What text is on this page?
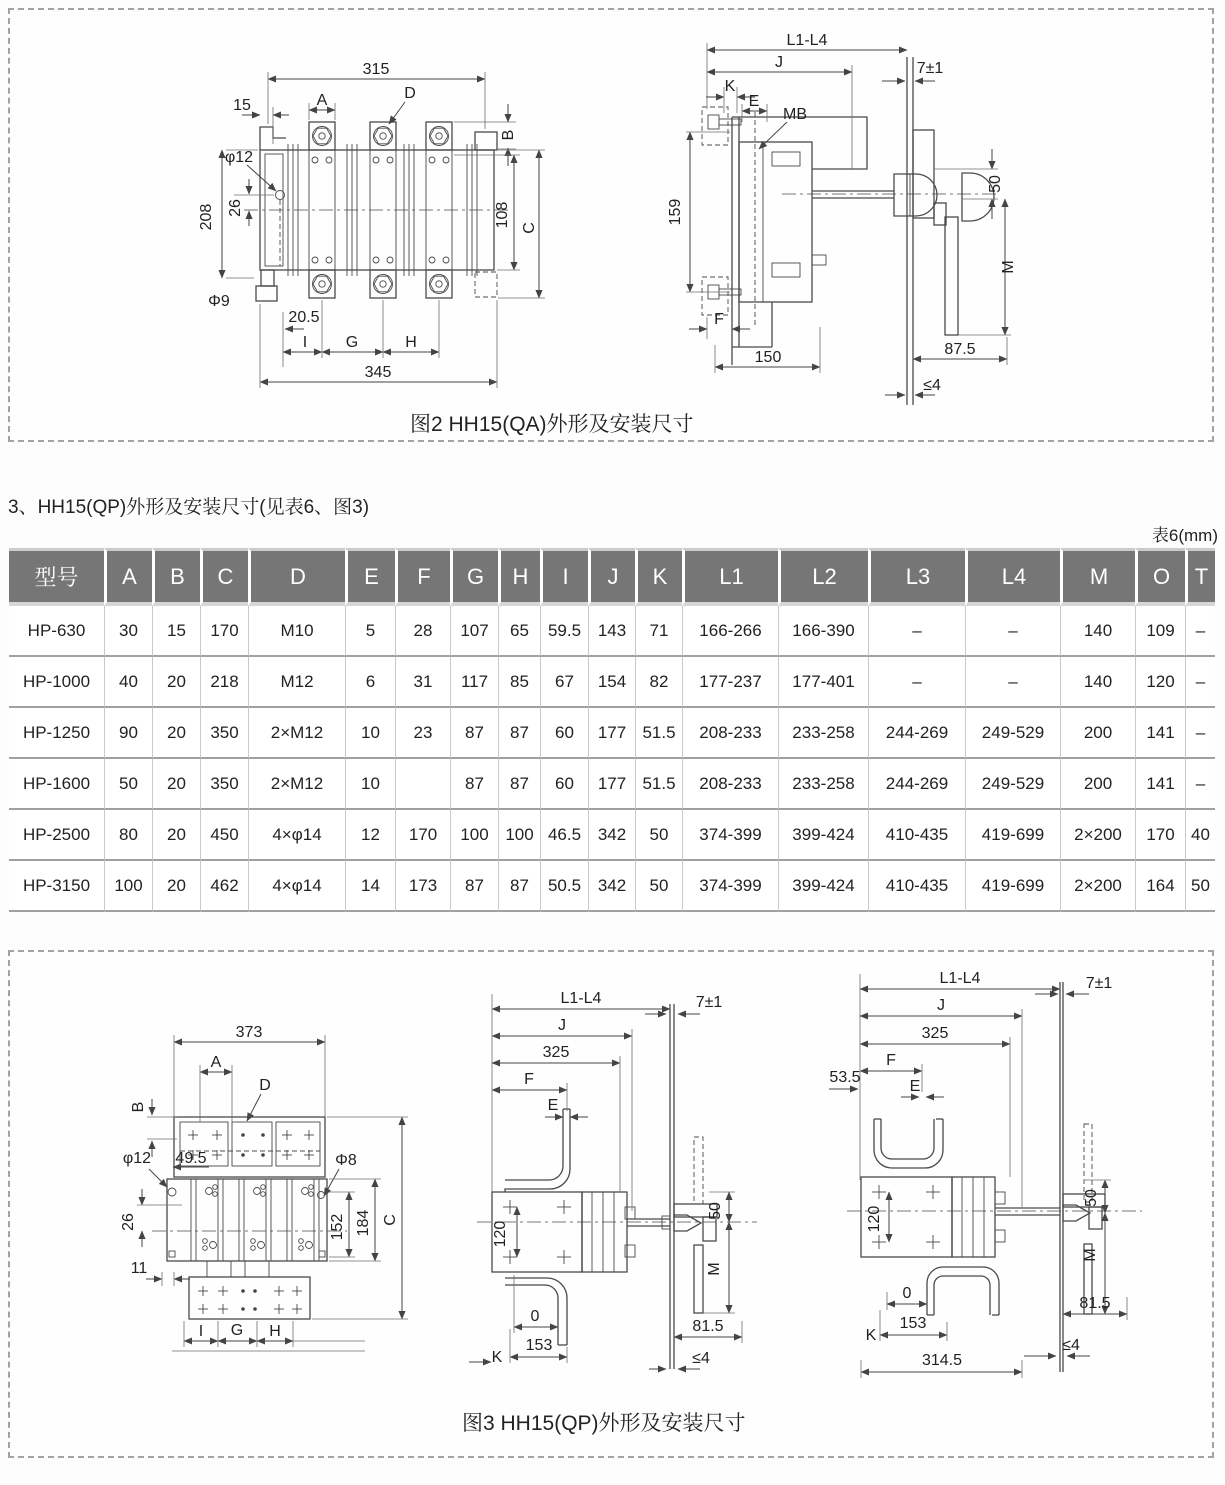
315
15	A	D
B
φ12
26
208	108 C
Φ9
20.5
I G	H
345
L1-L4
J
K
E
MB
7±1
159
50
M
F
150	87.5
≤4
图2 HH15(QA)外形及安装尺寸
3、HH15(QP)外形及安装尺寸(见表6、图3)
表6(mm)
型号	A	B	C	D	E	F	G	H	I	J	K	L1	L2	L3	L4	M	O	T
HP-630	30	15	170	M10	5	28	107	65	59.5	143	71	166-266	166-390	–	–	140	109	–
HP-1000	40	20	218	M12	6	31	117	85	67	154	82	177-237	177-401	–	–	140	120	–
HP-1250	90	20	350	2×M12	10	23	87	87	60	177	51.5	208-233	233-258	244-269	249-529	200	141	–
HP-1600	50	20	350	2×M12	10		87	87	60	177	51.5	208-233	233-258	244-269	249-529	200	141	–
HP-2500	80	20	450	4×φ14	12	170	100	100	46.5	342	50	374-399	399-424	410-435	419-699	2×200	170	40
HP-3150	100	20	462	4×φ14	14	173	87	87	50.5	342	50	374-399	399-424	410-435	419-699	2×200	164	50
373
A
D
B
φ12 49.5	Φ8
26	152 184 C
11
I G H
L1-L4
J
325
F
E
7±1
120
50
M
0
153
K
81.5
≤4
L1-L4	7±1
J
325
F
53.5
E
120
50
M
0
153
K
81.5
≤4
314.5
图3 HH15(QP)外形及安装尺寸
